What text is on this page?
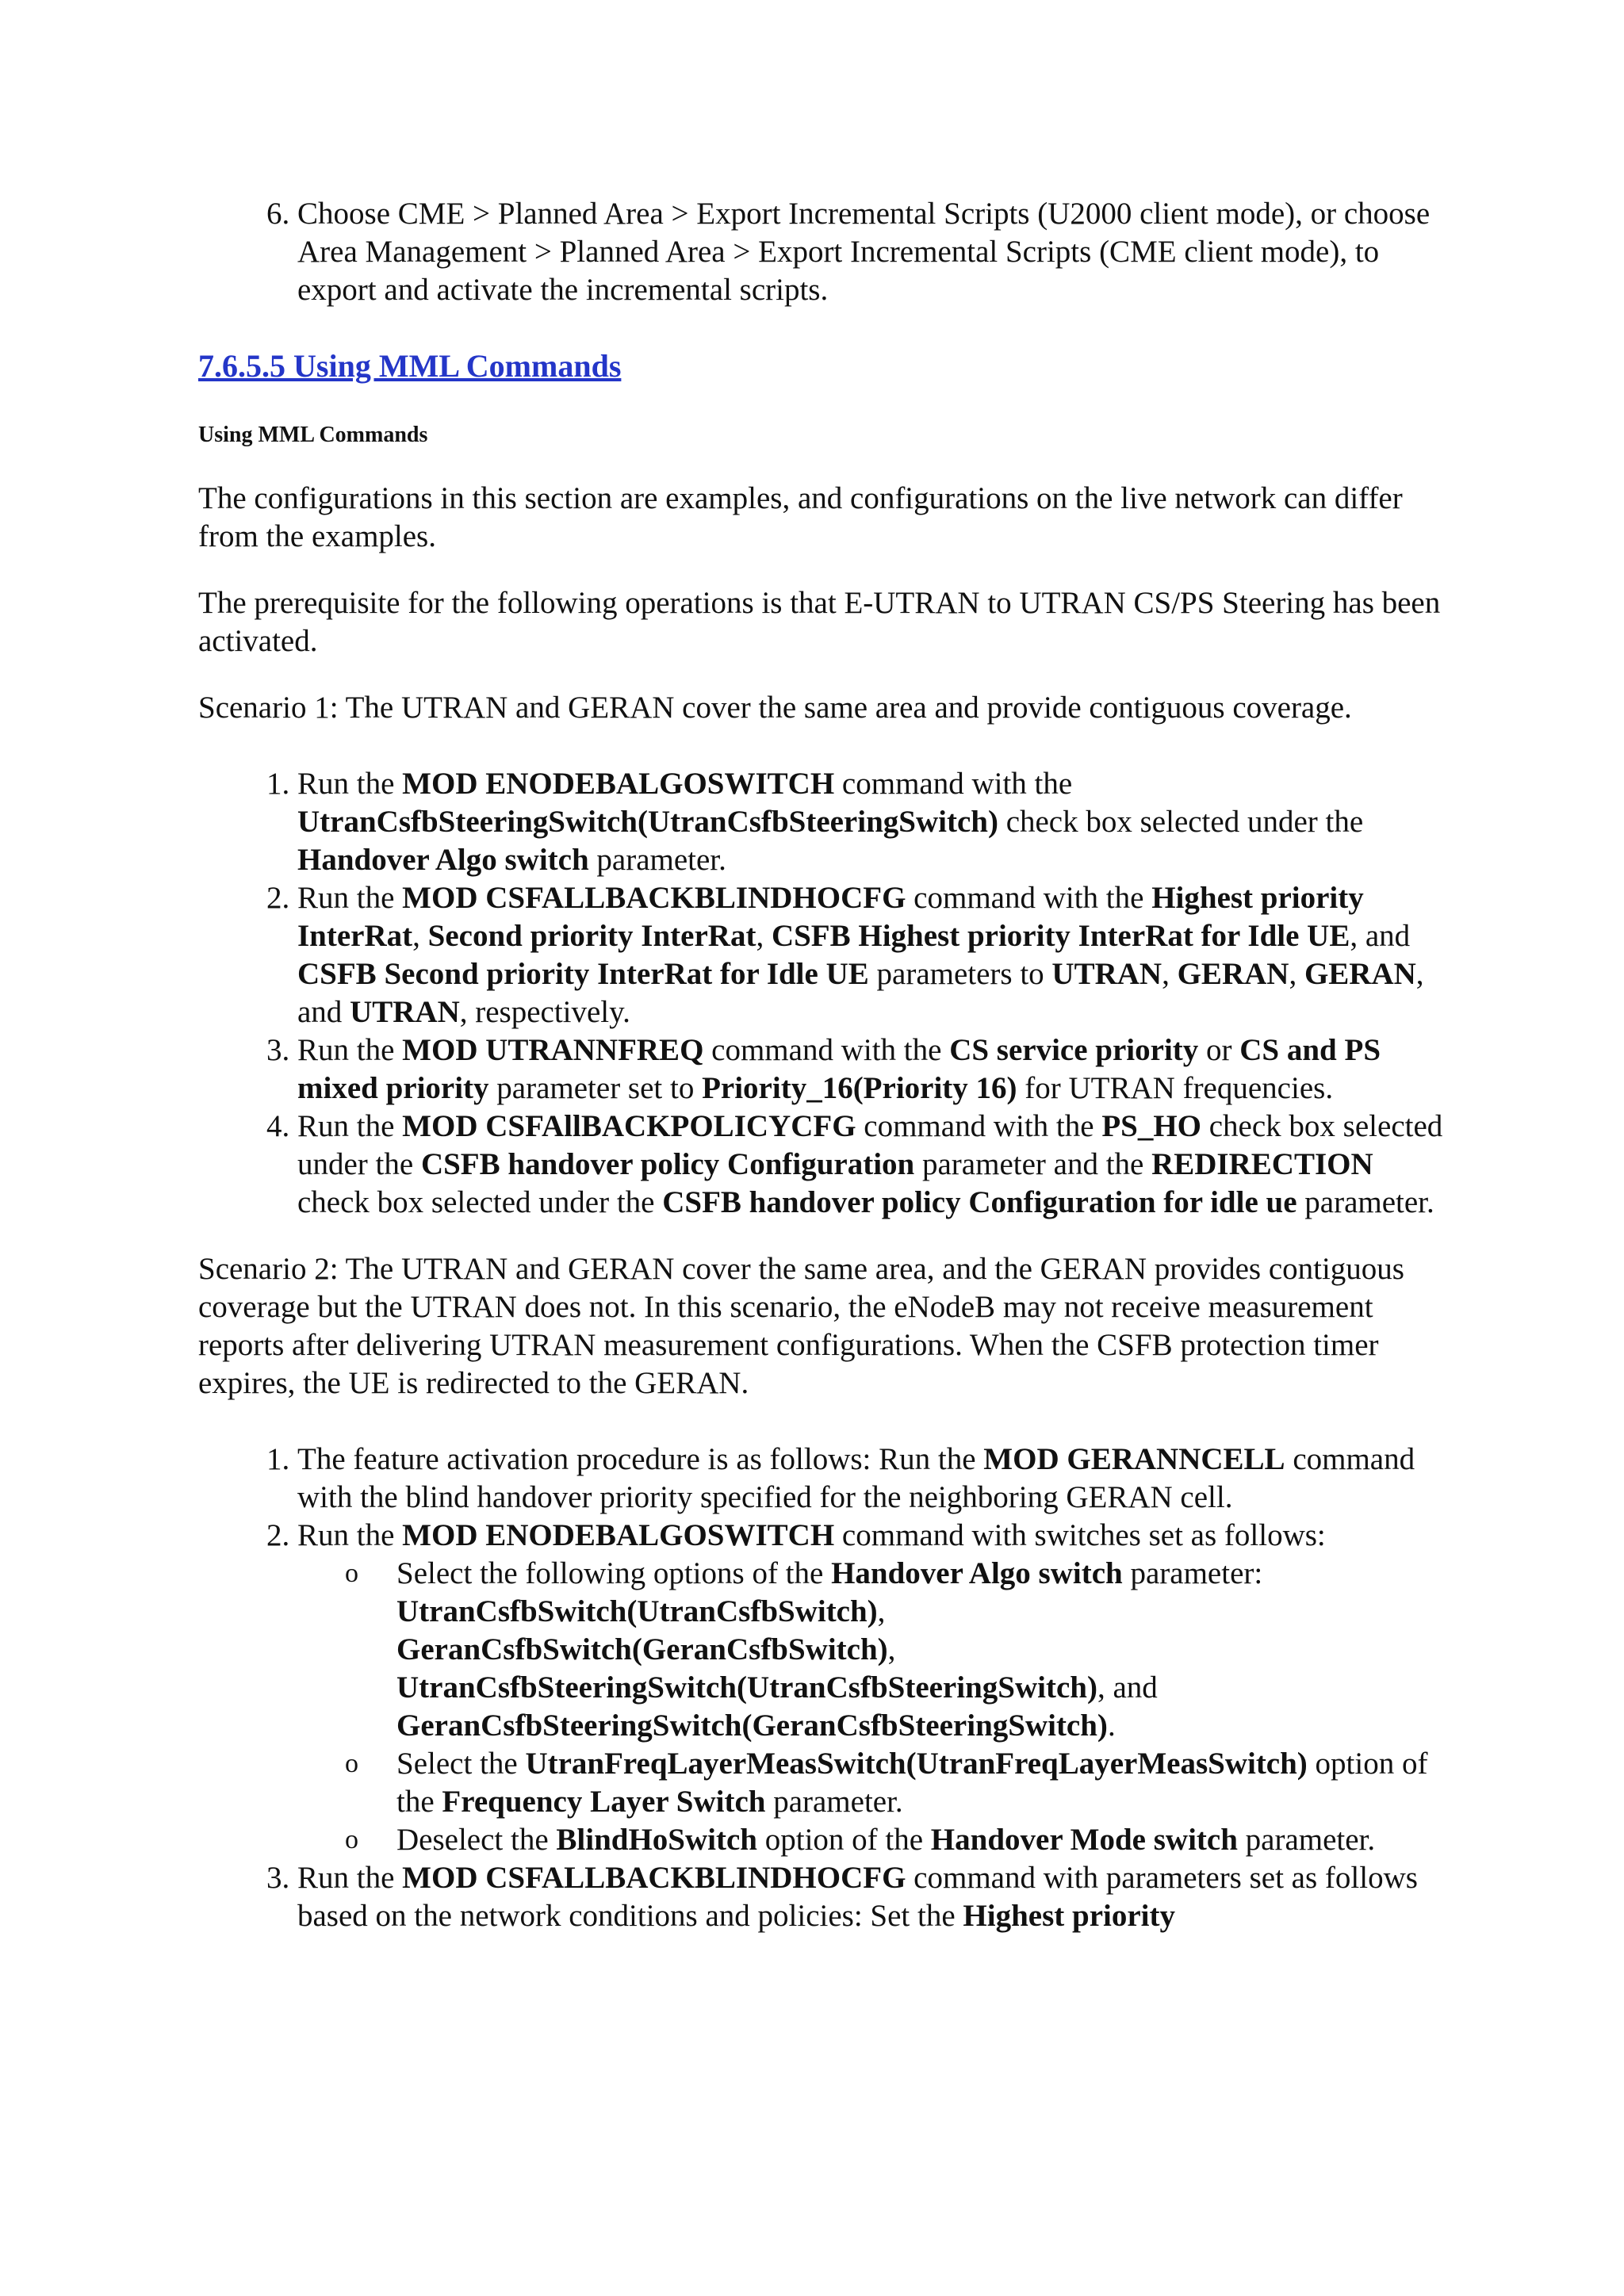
6. Choose CME > Planned Area > Export Incremental Scripts (U2000 client mode), or choose Area Management > Planned Area > Export Incremental Scripts (CME client mode), to export and activate the incremental scripts.
7.6.5.5 Using MML Commands
Using MML Commands

The configurations in this section are examples, and configurations on the live network can differ from the examples.

The prerequisite for the following operations is that E-UTRAN to UTRAN CS/PS Steering has been activated.

Scenario 1: The UTRAN and GERAN cover the same area and provide contiguous coverage.

1. Run the MOD ENODEBALGOSWITCH command with the UtranCsfbSteeringSwitch(UtranCsfbSteeringSwitch) check box selected under the Handover Algo switch parameter.
2. Run the MOD CSFALLBACKBLINDHOCFG command with the Highest priority InterRat, Second priority InterRat, CSFB Highest priority InterRat for Idle UE, and CSFB Second priority InterRat for Idle UE parameters to UTRAN, GERAN, GERAN, and UTRAN, respectively.
3. Run the MOD UTRANNFREQ command with the CS service priority or CS and PS mixed priority parameter set to Priority_16(Priority 16) for UTRAN frequencies.
4. Run the MOD CSFAllBACKPOLICYCFG command with the PS_HO check box selected under the CSFB handover policy Configuration parameter and the REDIRECTION check box selected under the CSFB handover policy Configuration for idle ue parameter.

Scenario 2: The UTRAN and GERAN cover the same area, and the GERAN provides contiguous coverage but the UTRAN does not. In this scenario, the eNodeB may not receive measurement reports after delivering UTRAN measurement configurations. When the CSFB protection timer expires, the UE is redirected to the GERAN.

1. The feature activation procedure is as follows: Run the MOD GERANNCELL command with the blind handover priority specified for the neighboring GERAN cell.
2. Run the MOD ENODEBALGOSWITCH command with switches set as follows:
o Select the following options of the Handover Algo switch parameter:
UtranCsfbSwitch(UtranCsfbSwitch),
GeranCsfbSwitch(GeranCsfbSwitch),
UtranCsfbSteeringSwitch(UtranCsfbSteeringSwitch), and
GeranCsfbSteeringSwitch(GeranCsfbSteeringSwitch).
o Select the UtranFreqLayerMeasSwitch(UtranFreqLayerMeasSwitch) option of the Frequency Layer Switch parameter.
o Deselect the BlindHoSwitch option of the Handover Mode switch parameter.
3. Run the MOD CSFALLBACKBLINDHOCFG command with parameters set as follows based on the network conditions and policies: Set the Highest priority
